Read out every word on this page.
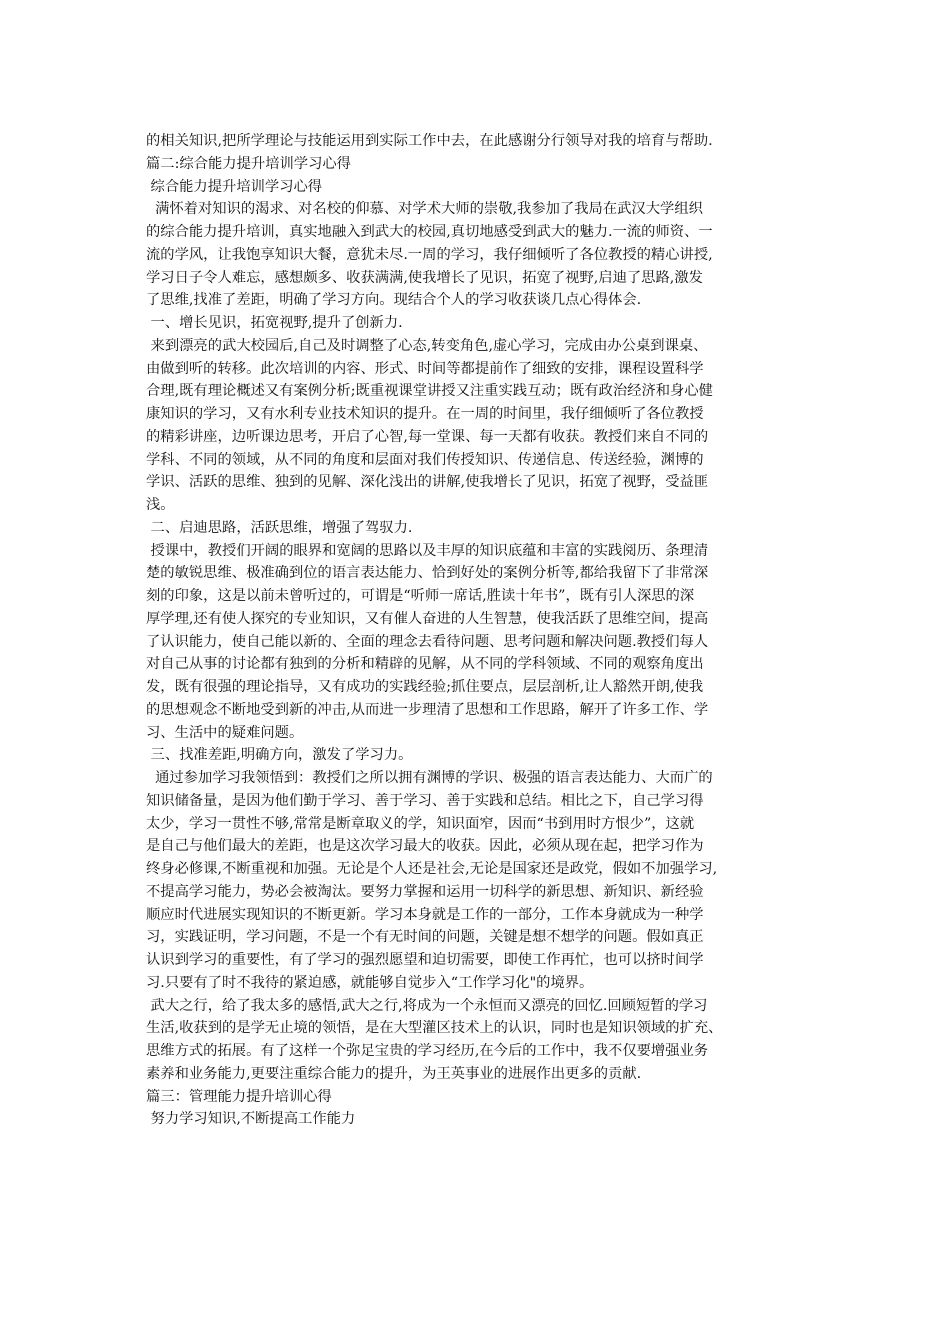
的相关知识,把所学理论与技能运用到实际工作中去，在此感谢分行领导对我的培育与帮助.
篇二:综合能力提升培训学习心得
综合能力提升培训学习心得
满怀着对知识的渴求、对名校的仰慕、对学术大师的崇敬,我参加了我局在武汉大学组织
的综合能力提升培训，真实地融入到武大的校园,真切地感受到武大的魅力.一流的师资、一
流的学风，让我饱享知识大餐，意犹未尽.一周的学习，我仔细倾听了各位教授的精心讲授,
学习日子令人难忘，感想颇多、收获满满,使我增长了见识，拓宽了视野,启迪了思路,激发
了思维,找准了差距，明确了学习方向。现结合个人的学习收获谈几点心得体会.
一、增长见识，拓宽视野,提升了创新力.
来到漂亮的武大校园后,自己及时调整了心态,转变角色,虚心学习，完成由办公桌到课桌、
由做到听的转移。此次培训的内容、形式、时间等都提前作了细致的安排，课程设置科学
合理,既有理论概述又有案例分析;既重视课堂讲授又注重实践互动；既有政治经济和身心健
康知识的学习，又有水利专业技术知识的提升。在一周的时间里，我仔细倾听了各位教授
的精彩讲座，边听课边思考，开启了心智,每一堂课、每一天都有收获。教授们来自不同的
学科、不同的领域，从不同的角度和层面对我们传授知识、传递信息、传送经验，渊博的
学识、活跃的思维、独到的见解、深化浅出的讲解,使我增长了见识，拓宽了视野，受益匪
浅。
二、启迪思路，活跃思维，增强了驾驭力.
授课中，教授们开阔的眼界和宽阔的思路以及丰厚的知识底蕴和丰富的实践阅历、条理清
楚的敏锐思维、极准确到位的语言表达能力、恰到好处的案例分析等,都给我留下了非常深
刻的印象，这是以前未曾听过的，可谓是“听师一席话,胜读十年书”，既有引人深思的深
厚学理,还有使人探究的专业知识，又有催人奋进的人生智慧，使我活跃了思维空间，提高
了认识能力，使自己能以新的、全面的理念去看待问题、思考问题和解决问题.教授们每人
对自己从事的讨论都有独到的分析和精辟的见解，从不同的学科领域、不同的观察角度出
发，既有很强的理论指导，又有成功的实践经验;抓住要点，层层剖析,让人豁然开朗,使我
的思想观念不断地受到新的冲击,从而进一步理清了思想和工作思路，解开了许多工作、学
习、生活中的疑难问题。
三、找准差距,明确方向，激发了学习力。
通过参加学习我领悟到：教授们之所以拥有渊博的学识、极强的语言表达能力、大而广的
知识储备量，是因为他们勤于学习、善于学习、善于实践和总结。相比之下，自己学习得
太少，学习一贯性不够,常常是断章取义的学，知识面窄，因而“书到用时方恨少”，这就
是自己与他们最大的差距，也是这次学习最大的收获。因此，必须从现在起，把学习作为
终身必修课,不断重视和加强。无论是个人还是社会,无论是国家还是政党，假如不加强学习,
不提高学习能力，势必会被淘汰。要努力掌握和运用一切科学的新思想、新知识、新经验
顺应时代进展实现知识的不断更新。学习本身就是工作的一部分，工作本身就成为一种学
习，实践证明，学习问题，不是一个有无时间的问题，关键是想不想学的问题。假如真正
认识到学习的重要性，有了学习的强烈愿望和迫切需要，即使工作再忙，也可以挤时间学
习.只要有了时不我待的紧迫感，就能够自觉步入“工作学习化"的境界。
武大之行，给了我太多的感悟,武大之行,将成为一个永恒而又漂亮的回忆.回顾短暂的学习
生活,收获到的是学无止境的领悟，是在大型灌区技术上的认识，同时也是知识领域的扩充、
思维方式的拓展。有了这样一个弥足宝贵的学习经历,在今后的工作中，我不仅要增强业务
素养和业务能力,更要注重综合能力的提升，为王英事业的进展作出更多的贡献.
篇三：管理能力提升培训心得
努力学习知识,不断提高工作能力
